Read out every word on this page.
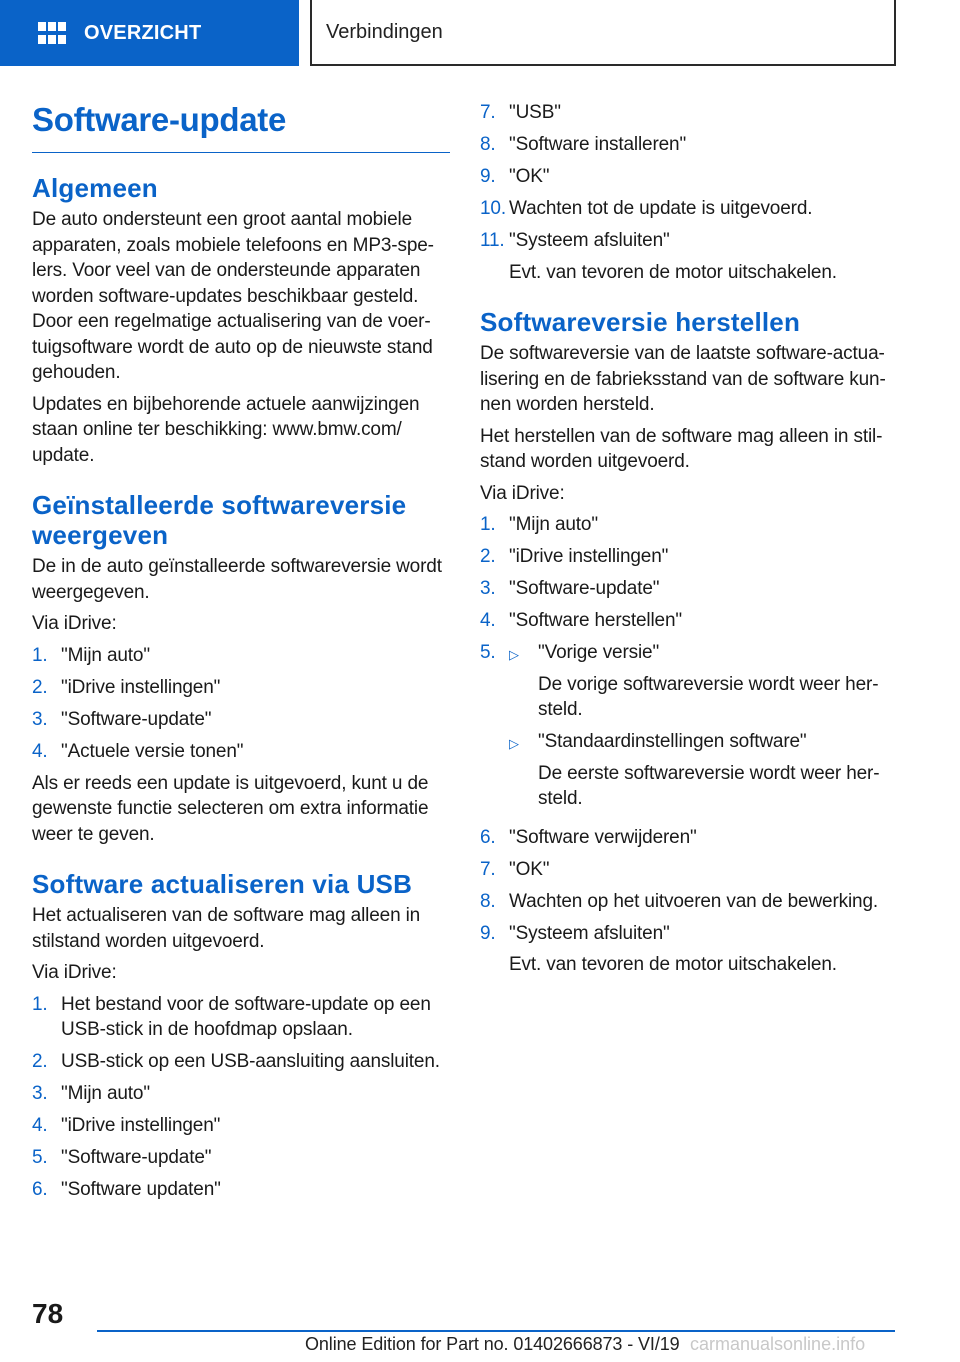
OVERZICHT	Verbindingen
Software-update
Algemeen

De auto ondersteunt een groot aantal mobiele apparaten, zoals mobiele telefoons en MP3-spelers. Voor veel van de ondersteunde apparaten worden software-updates beschikbaar gesteld. Door een regelmatige actualisering van de voertuigsoftware wordt de auto op de nieuwste stand gehouden.

Updates en bijbehorende actuele aanwijzingen staan online ter beschikking: www.bmw.com/ update.

Geïnstalleerde softwareversie weergeven

De in de auto geïnstalleerde softwareversie wordt weergegeven.

Via iDrive:

1. "Mijn auto"
2. "iDrive instellingen"
3. "Software-update"
4. "Actuele versie tonen"

Als er reeds een update is uitgevoerd, kunt u de gewenste functie selecteren om extra informatie weer te geven.

Software actualiseren via USB

Het actualiseren van de software mag alleen in stilstand worden uitgevoerd.

Via iDrive:

1. Het bestand voor de software-update op een USB-stick in de hoofdmap opslaan.
2. USB-stick op een USB-aansluiting aansluiten.
3. "Mijn auto"
4. "iDrive instellingen"
5. "Software-update"
6. "Software updaten"
7. "USB"
8. "Software installeren"
9. "OK"
10. Wachten tot de update is uitgevoerd.
11. "Systeem afsluiten"
Evt. van tevoren de motor uitschakelen.
Softwareversie herstellen

De softwareversie van de laatste software-actualisering en de fabrieksstand van de software kunnen worden hersteld.

Het herstellen van de software mag alleen in stilstand worden uitgevoerd.

Via iDrive:

1. "Mijn auto"
2. "iDrive instellingen"
3. "Software-update"
4. "Software herstellen"
5.	▷	"Vorige versie"
De vorige softwareversie wordt weer hersteld.
▷	"Standaardinstellingen software"
De eerste softwareversie wordt weer hersteld.
6. "Software verwijderen"
7. "OK"
8. Wachten op het uitvoeren van de bewerking.
9. "Systeem afsluiten"
Evt. van tevoren de motor uitschakelen.
78
Online Edition for Part no. 01402666873 - VI/19 carmanualsonline.info
